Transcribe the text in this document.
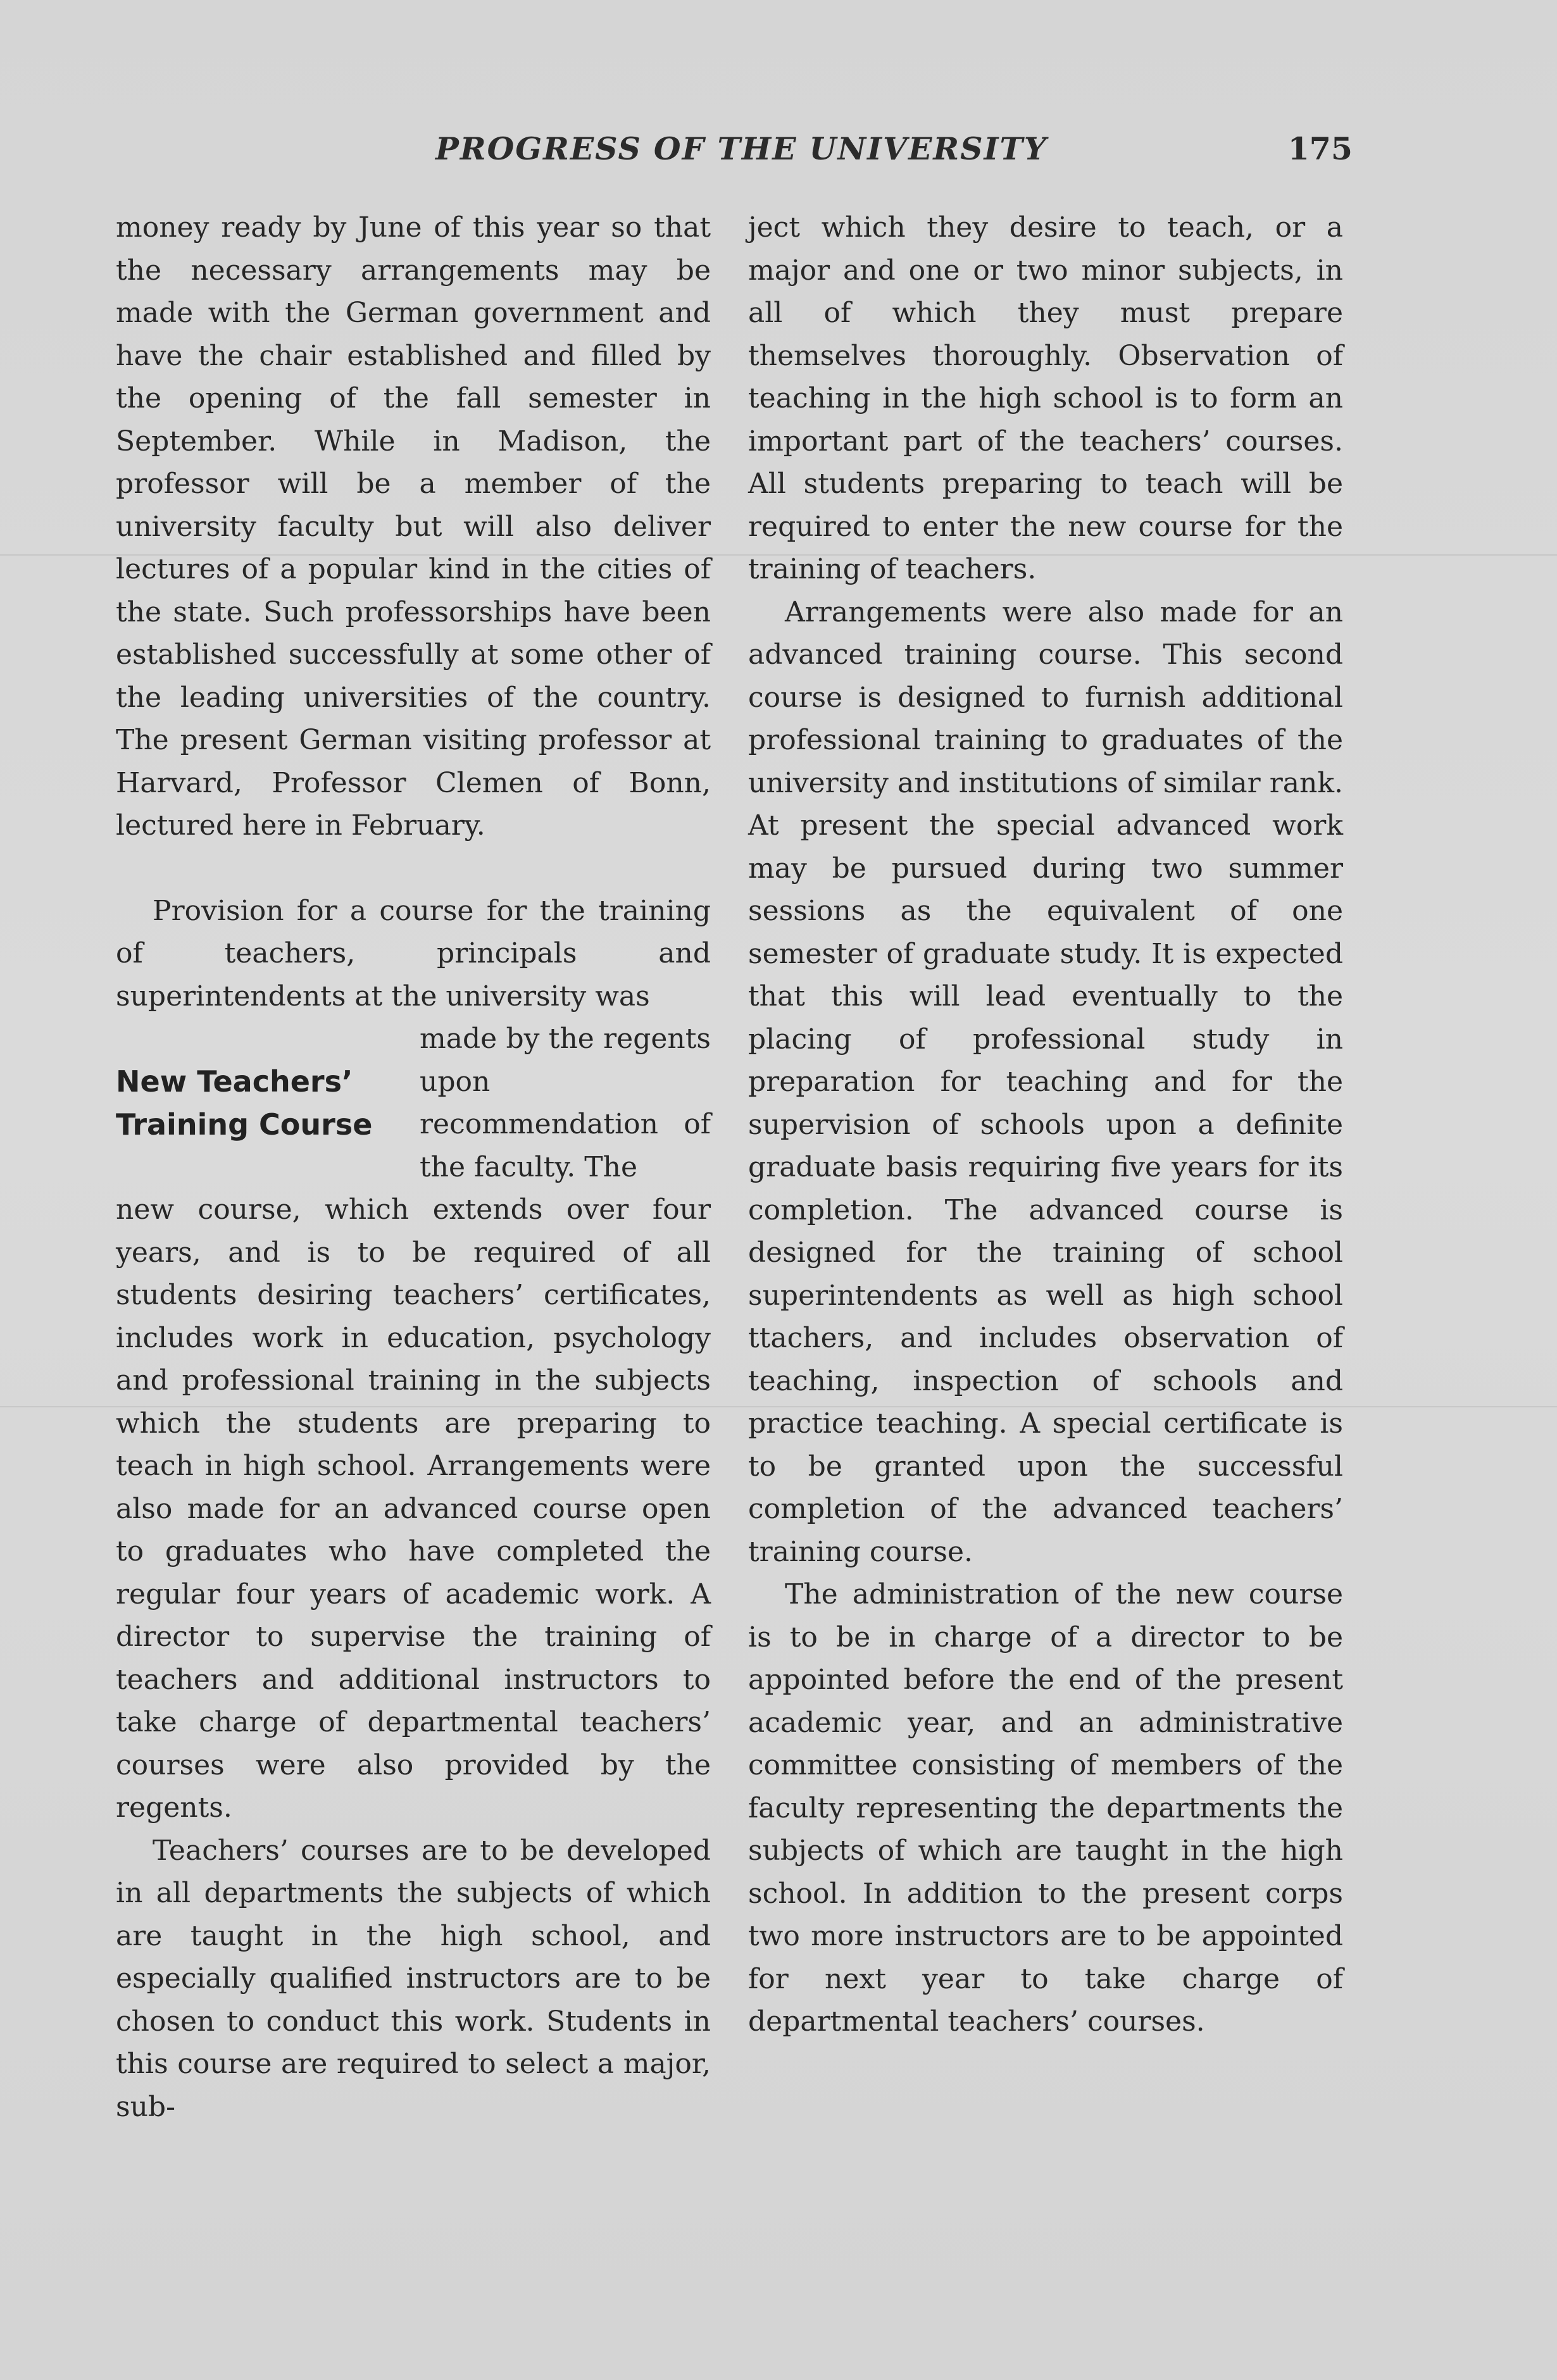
PROGRESS OF THE UNIVERSITY	175

money ready by June of this year so that the necessary arrangements may be made with the German government and have the chair established and filled by the opening of the fall semester in September. While in Madison, the professor will be a member of the university faculty but will also deliver lectures of a popular kind in the cities of the state. Such professorships have been established successfully at some other of the leading universities of the country. The present German visiting professor at Harvard, Professor Clemen of Bonn, lectured here in February.

Provision for a course for the training of teachers, principals and superintendents at the university was

New Teachers’
Training Course

made by the regents upon recommendation of the faculty. The

new course, which extends over four years, and is to be required of all students desiring teachers’ certificates, includes work in education, psychology and professional training in the subjects which the students are preparing to teach in high school. Arrangements were also made for an advanced course open to graduates who have completed the regular four years of academic work. A director to supervise the training of teachers and additional instructors to take charge of departmental teachers’ courses were also provided by the regents.

Teachers’ courses are to be developed in all departments the subjects of which are taught in the high school, and especially qualified instructors are to be chosen to conduct this work. Students in this course are required to select a major, sub-

ject which they desire to teach, or a major and one or two minor subjects, in all of which they must prepare themselves thoroughly. Observation of teaching in the high school is to form an important part of the teachers’ courses. All students preparing to teach will be required to enter the new course for the training of teachers.

Arrangements were also made for an advanced training course. This second course is designed to furnish additional professional training to graduates of the university and institutions of similar rank. At present the special advanced work may be pursued during two summer sessions as the equivalent of one semester of graduate study. It is expected that this will lead eventually to the placing of professional study in preparation for teaching and for the supervision of schools upon a definite graduate basis requiring five years for its completion. The advanced course is designed for the training of school superintendents as well as high school ttachers, and includes observation of teaching, inspection of schools and practice teaching. A special certificate is to be granted upon the successful completion of the advanced teachers’ training course.

The administration of the new course is to be in charge of a director to be appointed before the end of the present academic year, and an administrative committee consisting of members of the faculty representing the departments the subjects of which are taught in the high school. In addition to the present corps two more instructors are to be appointed for next year to take charge of departmental teachers’ courses.
